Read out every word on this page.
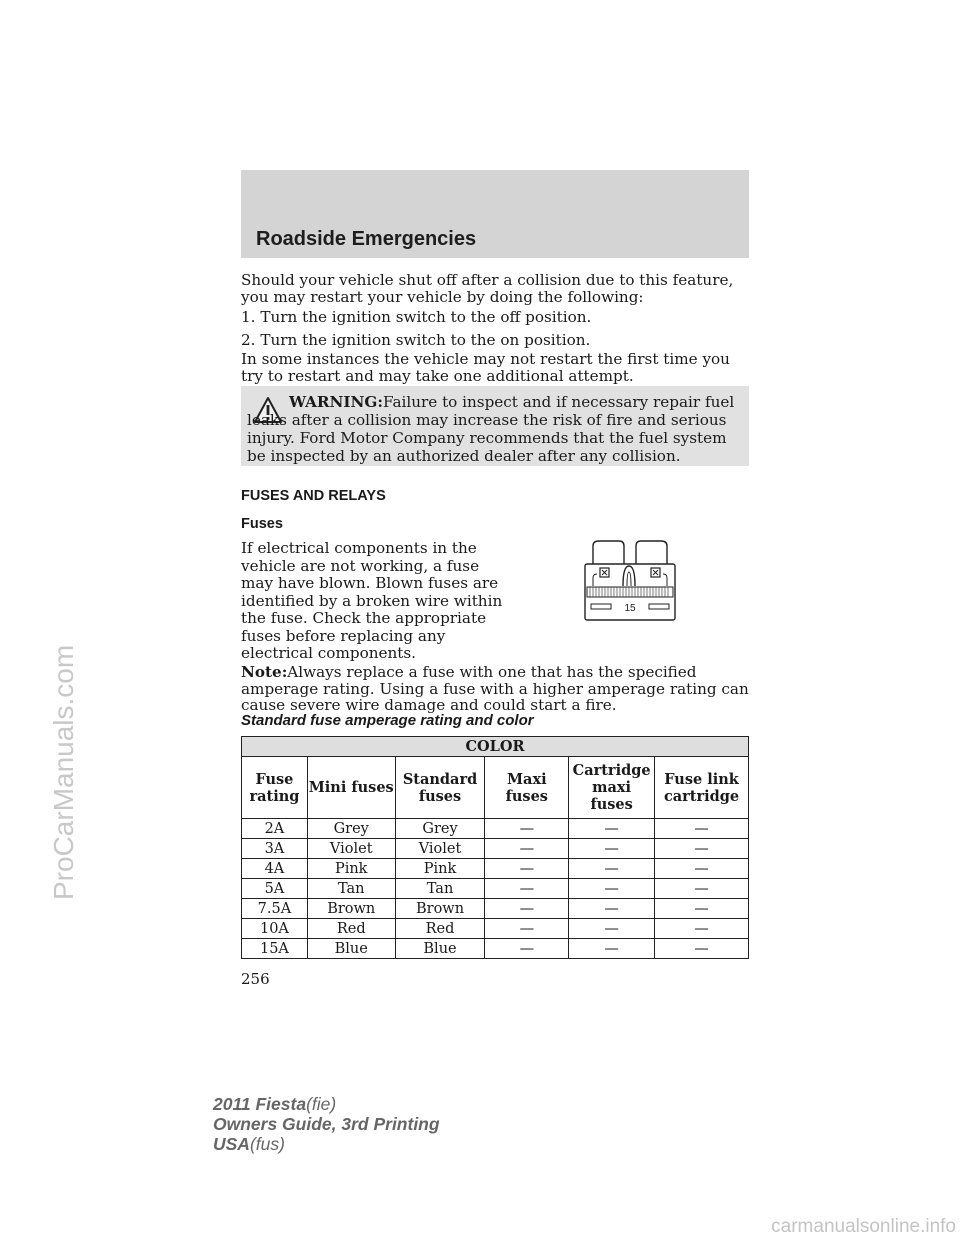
Roadside Emergencies

Should your vehicle shut off after a collision due to this feature, you may restart your vehicle by doing the following:

1. Turn the ignition switch to the off position.

2. Turn the ignition switch to the on position.

In some instances the vehicle may not restart the first time you try to restart and may take one additional attempt.

WARNING:Failure to inspect and if necessary repair fuel leaks after a collision may increase the risk of fire and serious injury. Ford Motor Company recommends that the fuel system be inspected by an authorized dealer after any collision.

FUSES AND RELAYS
Fuses

If electrical components in the vehicle are not working, a fuse may have blown. Blown fuses are identified by a broken wire within the fuse. Check the appropriate fuses before replacing any electrical components.

15

Note:Always replace a fuse with one that has the specified amperage rating. Using a fuse with a higher amperage rating can cause severe wire damage and could start a fire.

Standard fuse amperage rating and color
COLOR					
Fuse rating	Mini fuses	Standard fuses	Maxi fuses	Cartridge maxi fuses	Fuse link cartridge
2A	Grey	Grey	—	—	—
3A	Violet	Violet	—	—	—
4A	Pink	Pink	—	—	—
5A	Tan	Tan	—	—	—
7.5A	Brown	Brown	—	—	—
10A	Red	Red	—	—	—
15A	Blue	Blue	—	—	—
256
2011 Fiesta(fie)
Owners Guide, 3rd Printing
USA(fus)
ProCarManuals.com
carmanualsonline.info
